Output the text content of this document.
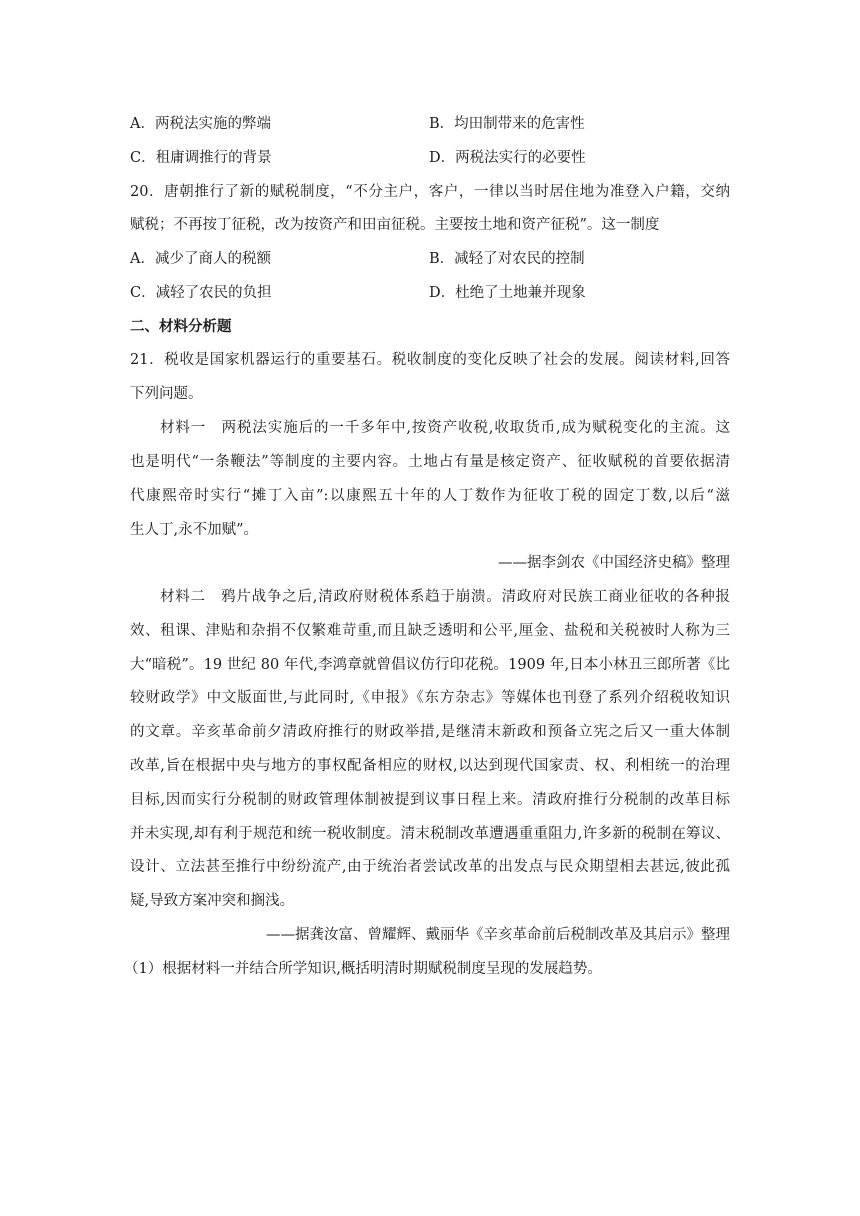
A．两税法实施的弊端	B．均田制带来的危害性
C．租庸调推行的背景	D．两税法实行的必要性
20．唐朝推行了新的赋税制度，“不分主户，客户，一律以当时居住地为准登入户籍，交纳
赋税；不再按丁征税，改为按资产和田亩征税。主要按土地和资产征税”。这一制度
A．减少了商人的税额	B．减轻了对农民的控制
C．减轻了农民的负担	D．杜绝了土地兼并现象
二、材料分析题
21．税收是国家机器运行的重要基石。税收制度的变化反映了社会的发展。阅读材料,回答
下列问题。
材料一　两税法实施后的一千多年中,按资产收税,收取货币,成为赋税变化的主流。这
也是明代“一条鞭法”等制度的主要内容。土地占有量是核定资产、征收赋税的首要依据清
代康熙帝时实行“摊丁入亩”:以康熙五十年的人丁数作为征收丁税的固定丁数,以后“滋
生人丁,永不加赋”。
——据李剑农《中国经济史稿》整理
材料二　鸦片战争之后,清政府财税体系趋于崩溃。清政府对民族工商业征收的各种报
效、租课、津贴和杂捐不仅繁难苛重,而且缺乏透明和公平,厘金、盐税和关税被时人称为三
大“暗税”。19 世纪 80 年代,李鸿章就曾倡议仿行印花税。1909 年,日本小林丑三郎所著《比
较财政学》中文版面世,与此同时,《申报》《东方杂志》等媒体也刊登了系列介绍税收知识
的文章。辛亥革命前夕清政府推行的财政举措,是继清末新政和预备立宪之后又一重大体制
改革,旨在根据中央与地方的事权配备相应的财权,以达到现代国家责、权、利相统一的治理
目标,因而实行分税制的财政管理体制被提到议事日程上来。清政府推行分税制的改革目标
并未实现,却有利于规范和统一税收制度。清末税制改革遭遇重重阻力,许多新的税制在筹议、
设计、立法甚至推行中纷纷流产,由于统治者尝试改革的出发点与民众期望相去甚远,彼此孤
疑,导致方案冲突和搁浅。
——据龚汝富、曾耀辉、戴丽华《辛亥革命前后税制改革及其启示》整理
（1）根据材料一并结合所学知识,概括明清时期赋税制度呈现的发展趋势。
